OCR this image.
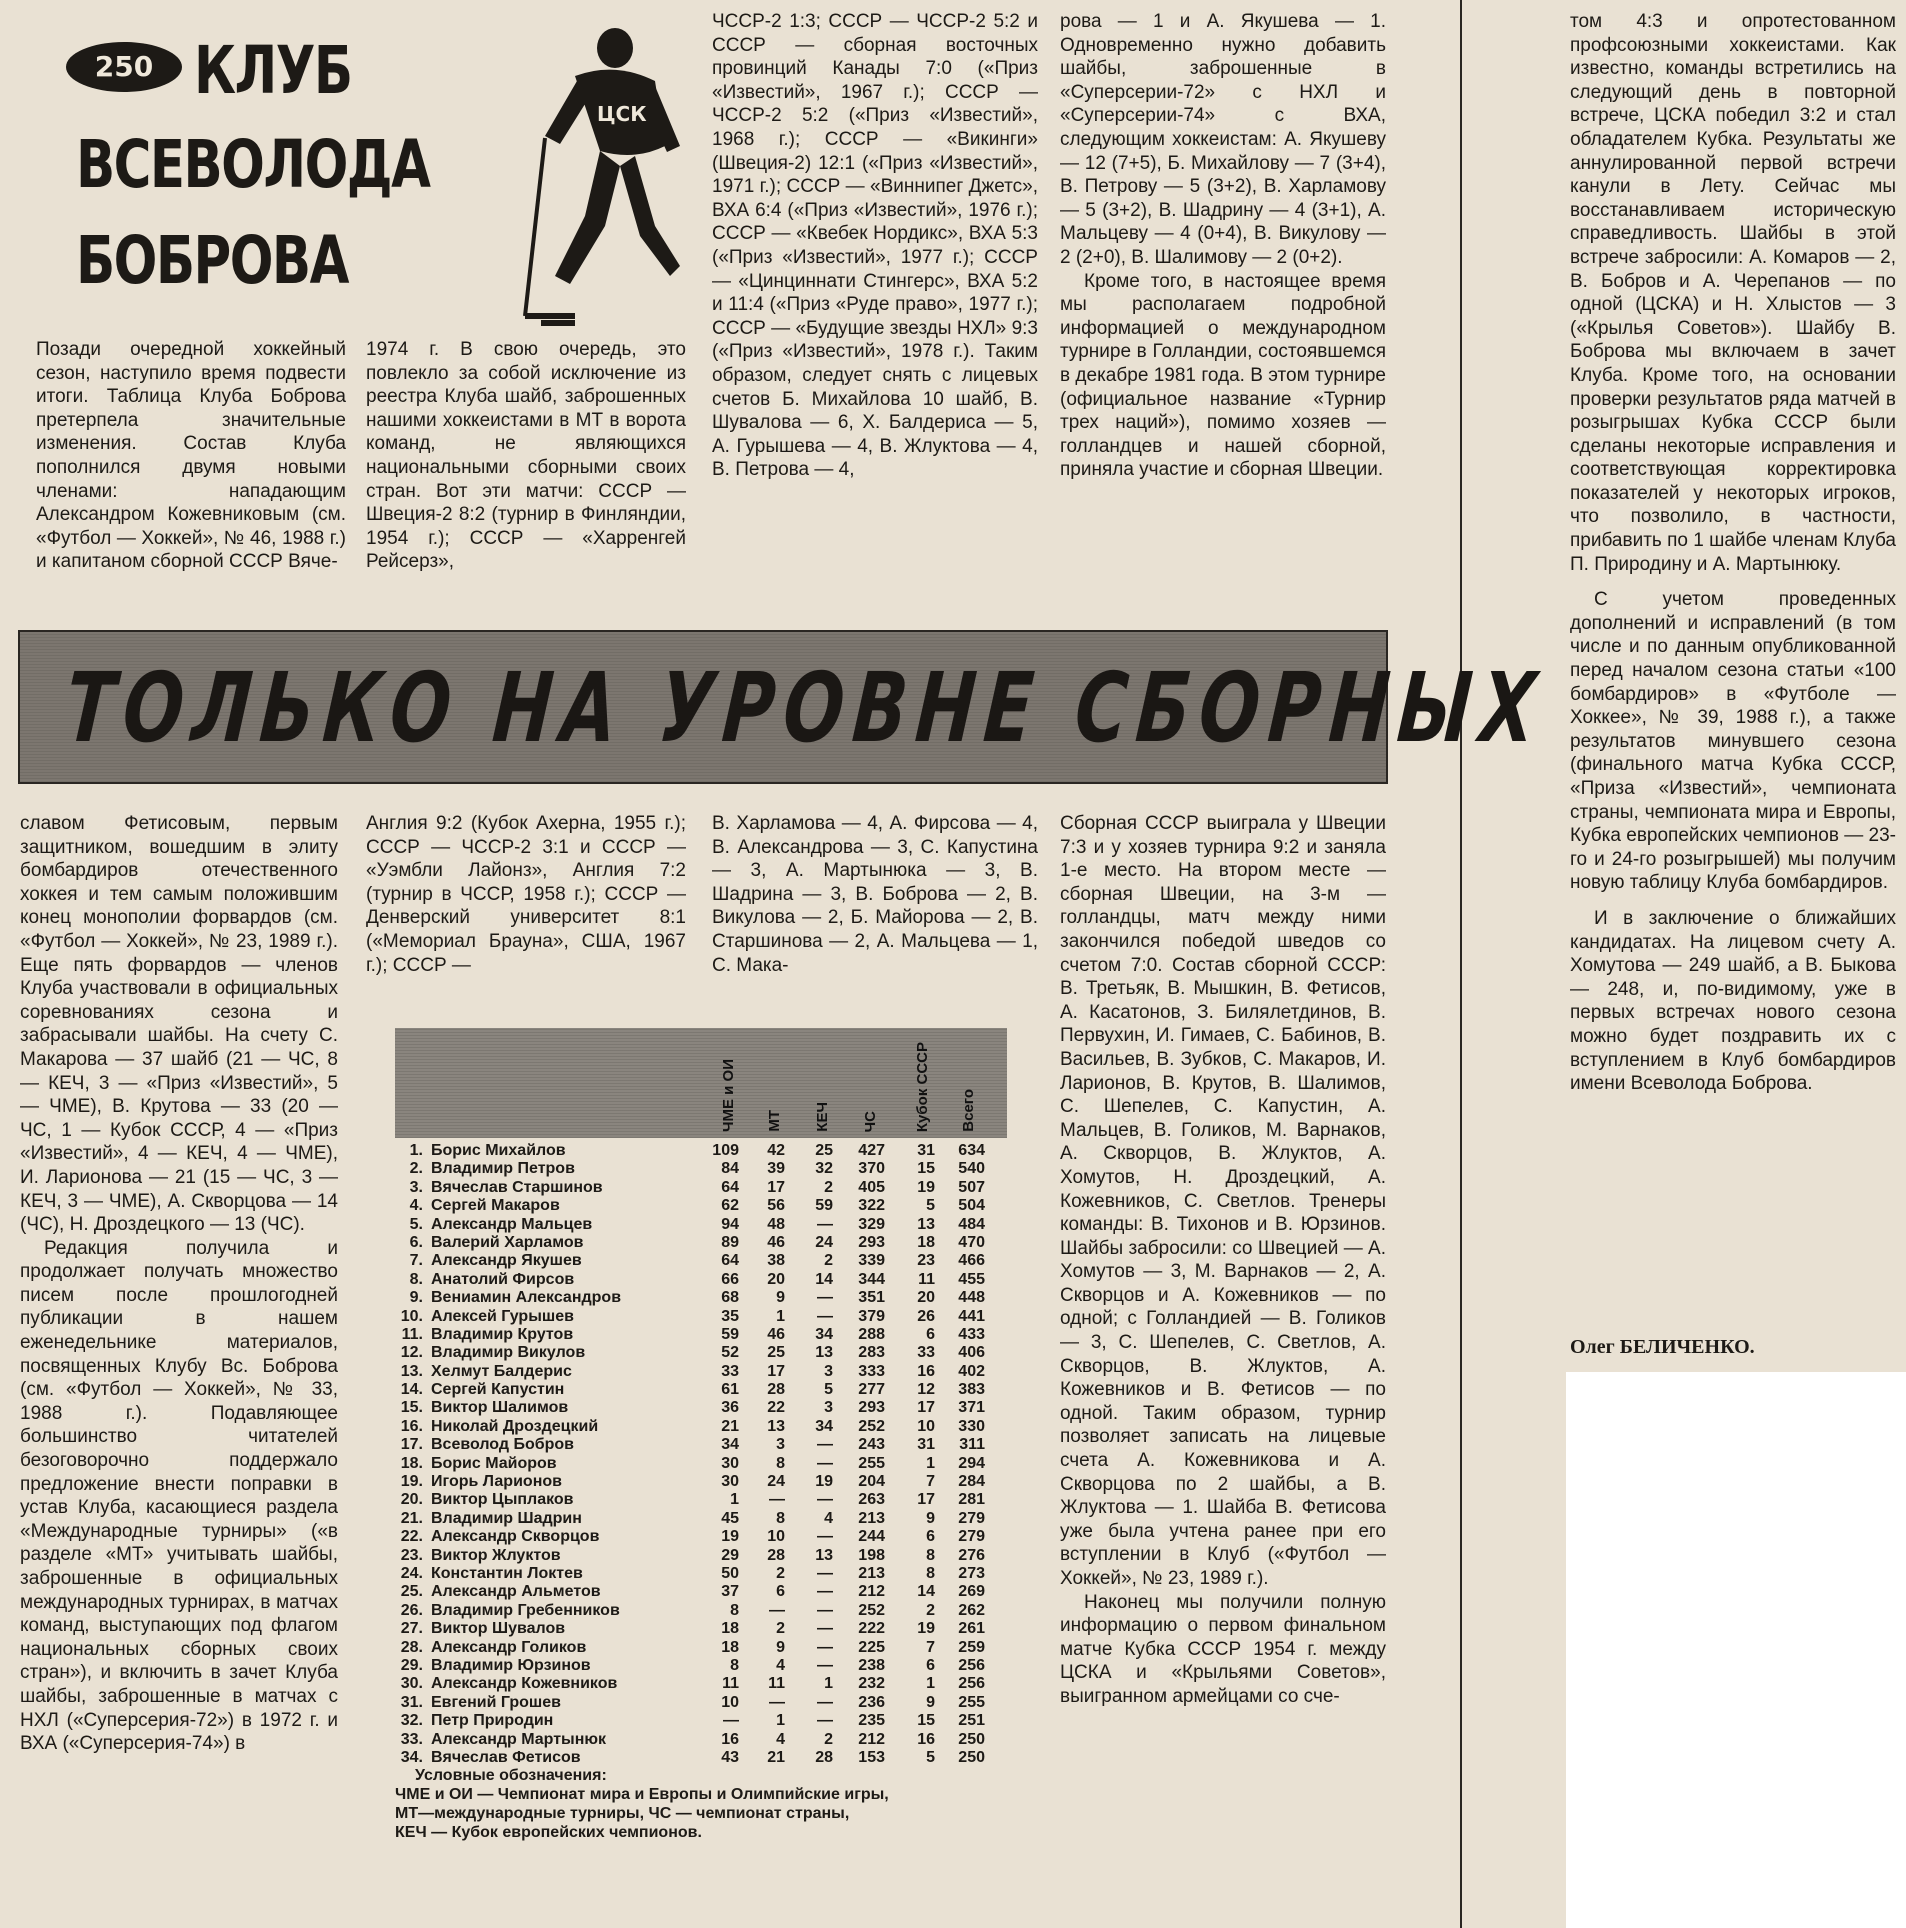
250 КЛУБ
ВСЕВОЛОДА
БОБРОВА
ЦСК

Позади очередной хоккейный сезон, наступило время подвести итоги. Таблица Клуба Боброва претерпела значительные изменения. Состав Клуба пополнился двумя новыми членами: нападающим Александром Кожевниковым (см. «Футбол — Хоккей», № 46, 1988 г.) и капитаном сборной СССР Вяче-

1974 г. В свою очередь, это повлекло за собой исключение из реестра Клуба шайб, заброшенных нашими хоккеистами в МТ в ворота команд, не являющихся национальными сборными своих стран. Вот эти матчи: СССР — Швеция-2 8:2 (турнир в Финляндии, 1954 г.); СССР — «Харренгей Рейсерз»,

ЧССР-2 1:3; СССР — ЧССР-2 5:2 и СССР — сборная восточных провинций Канады 7:0 («Приз «Известий», 1967 г.); СССР — ЧССР-2 5:2 («Приз «Известий», 1968 г.); СССР — «Викинги» (Швеция-2) 12:1 («Приз «Известий», 1971 г.); СССР — «Виннипег Джетс», ВХА 6:4 («Приз «Известий», 1976 г.); СССР — «Квебек Нордикс», ВХА 5:3 («Приз «Известий», 1977 г.); СССР — «Цинциннати Стингерс», ВХА 5:2 и 11:4 («Приз «Руде право», 1977 г.); СССР — «Будущие звезды НХЛ» 9:3 («Приз «Известий», 1978 г.). Таким образом, следует снять с лицевых счетов Б. Михайлова 10 шайб, В. Шувалова — 6, Х. Балдериса — 5, А. Гурышева — 4, В. Жлуктова — 4, В. Петрова — 4,

рова — 1 и А. Якушева — 1. Одновременно нужно добавить шайбы, заброшенные в «Суперсерии-72» с НХЛ и «Суперсерии-74» с ВХА, следующим хоккеистам: А. Якушеву — 12 (7+5), Б. Михайлову — 7 (3+4), В. Петрову — 5 (3+2), В. Харламову — 5 (3+2), В. Шадрину — 4 (3+1), А. Мальцеву — 4 (0+4), В. Викулову — 2 (2+0), В. Шалимову — 2 (0+2).

Кроме того, в настоящее время мы располагаем подробной информацией о международном турнире в Голландии, состоявшемся в декабре 1981 года. В этом турнире (официальное название «Турнир трех наций»), помимо хозяев — голландцев и нашей сборной, приняла участие и сборная Швеции.

ТОЛЬКО НА УРОВНЕ СБОРНЫХ

том 4:3 и опротестованном профсоюзными хоккеистами. Как известно, команды встретились на следующий день в повторной встрече, ЦСКА победил 3:2 и стал обладателем Кубка. Результаты же аннулированной первой встречи канули в Лету. Сейчас мы восстанавливаем историческую справедливость. Шайбы в этой встрече забросили: А. Комаров — 2, В. Бобров и А. Черепанов — по одной (ЦСКА) и Н. Хлыстов — 3 («Крылья Советов»). Шайбу В. Боброва мы включаем в зачет Клуба. Кроме того, на основании проверки результатов ряда матчей в розыгрышах Кубка СССР были сделаны некоторые исправления и соответствующая корректировка показателей у некоторых игроков, что позволило, в частности, прибавить по 1 шайбе членам Клуба П. Природину и А. Мартынюку.

С учетом проведенных дополнений и исправлений (в том числе и по данным опубликованной перед началом сезона статьи «100 бомбардиров» в «Футболе — Хоккее», № 39, 1988 г.), а также результатов минувшего сезона (финального матча Кубка СССР, «Приза «Известий», чемпионата страны, чемпионата мира и Европы, Кубка европейских чемпионов — 23-го и 24-го розыгрышей) мы получим новую таблицу Клуба бомбардиров.

И в заключение о ближайших кандидатах. На лицевом счету А. Хомутова — 249 шайб, а В. Быкова — 248, и, по-видимому, уже в первых встречах нового сезона можно будет поздравить их с вступлением в Клуб бомбардиров имени Всеволода Боброва.

Олег БЕЛИЧЕНКО.

славом Фетисовым, первым защитником, вошедшим в элиту бомбардиров отечественного хоккея и тем самым положившим конец монополии форвардов (см. «Футбол — Хоккей», № 23, 1989 г.). Еще пять форвардов — членов Клуба участвовали в официальных соревнованиях сезона и забрасывали шайбы. На счету С. Макарова — 37 шайб (21 — ЧС, 8 — КЕЧ, 3 — «Приз «Известий», 5 — ЧМЕ), В. Крутова — 33 (20 — ЧС, 1 — Кубок СССР, 4 — «Приз «Известий», 4 — КЕЧ, 4 — ЧМЕ), И. Ларионова — 21 (15 — ЧС, 3 — КЕЧ, 3 — ЧМЕ), А. Скворцова — 14 (ЧС), Н. Дроздецкого — 13 (ЧС).

Редакция получила и продолжает получать множество писем после прошлогодней публикации в нашем еженедельнике материалов, посвященных Клубу Вс. Боброва (см. «Футбол — Хоккей», № 33, 1988 г.). Подавляющее большинство читателей безоговорочно поддержало предложение внести поправки в устав Клуба, касающиеся раздела «Международные турниры» («в разделе «МТ» учитывать шайбы, заброшенные в официальных международных турнирах, в матчах команд, выступающих под флагом национальных сборных своих стран»), и включить в зачет Клуба шайбы, заброшенные в матчах с НХЛ («Суперсерия-72») в 1972 г. и ВХА («Суперсерия-74») в

Англия 9:2 (Кубок Ахерна, 1955 г.); СССР — ЧССР-2 3:1 и СССР — «Уэмбли Лайонз», Англия 7:2 (турнир в ЧССР, 1958 г.); СССР — Денверский университет 8:1 («Мемориал Брауна», США, 1967 г.); СССР —

В. Харламова — 4, А. Фирсова — 4, В. Александрова — 3, С. Капустина — 3, А. Мартынюка — 3, В. Шадрина — 3, В. Боброва — 2, В. Викулова — 2, Б. Майорова — 2, В. Старшинова — 2, А. Мальцева — 1, С. Мака-

Сборная СССР выиграла у Швеции 7:3 и у хозяев турнира 9:2 и заняла 1-е место. На втором месте — сборная Швеции, на 3-м — голландцы, матч между ними закончился победой шведов со счетом 7:0. Состав сборной СССР: В. Третьяк, В. Мышкин, В. Фетисов, А. Касатонов, З. Билялетдинов, В. Первухин, И. Гимаев, С. Бабинов, В. Васильев, В. Зубков, С. Макаров, И. Ларионов, В. Крутов, В. Шалимов, С. Шепелев, С. Капустин, А. Мальцев, В. Голиков, М. Варнаков, А. Скворцов, В. Жлуктов, А. Хомутов, Н. Дроздецкий, А. Кожевников, С. Светлов. Тренеры команды: В. Тихонов и В. Юрзинов. Шайбы забросили: со Швецией — А. Хомутов — 3, М. Варнаков — 2, А. Скворцов и А. Кожевников — по одной; с Голландией — В. Голиков — 3, С. Шепелев, С. Светлов, А. Скворцов, В. Жлуктов, А. Кожевников и В. Фетисов — по одной. Таким образом, турнир позволяет записать на лицевые счета А. Кожевникова и А. Скворцова по 2 шайбы, а В. Жлуктова — 1. Шайба В. Фетисова уже была учтена ранее при его вступлении в Клуб («Футбол — Хоккей», № 23, 1989 г.).

Наконец мы получили полную информацию о первом финальном матче Кубка СССР 1954 г. между ЦСКА и «Крыльями Советов», выигранном армейцами со сче-

ЧМЕ и ОИ	МТ	КЕЧ	ЧС	Кубок СССР	Всего
1. Борис Михайлов	109	42	25	427	31	634
2. Владимир Петров	84	39	32	370	15	540
3. Вячеслав Старшинов	64	17	2	405	19	507
4. Сергей Макаров	62	56	59	322	5	504
5. Александр Мальцев	94	48	—	329	13	484
6. Валерий Харламов	89	46	24	293	18	470
7. Александр Якушев	64	38	2	339	23	466
8. Анатолий Фирсов	66	20	14	344	11	455
9. Вениамин Александров	68	9	—	351	20	448
10. Алексей Гурышев	35	1	—	379	26	441
11. Владимир Крутов	59	46	34	288	6	433
12. Владимир Викулов	52	25	13	283	33	406
13. Хелмут Балдерис	33	17	3	333	16	402
14. Сергей Капустин	61	28	5	277	12	383
15. Виктор Шалимов	36	22	3	293	17	371
16. Николай Дроздецкий	21	13	34	252	10	330
17. Всеволод Бобров	34	3	—	243	31	311
18. Борис Майоров	30	8	—	255	1	294
19. Игорь Ларионов	30	24	19	204	7	284
20. Виктор Цыплаков	1	—	—	263	17	281
21. Владимир Шадрин	45	8	4	213	9	279
22. Александр Скворцов	19	10	—	244	6	279
23. Виктор Жлуктов	29	28	13	198	8	276
24. Константин Локтев	50	2	—	213	8	273
25. Александр Альметов	37	6	—	212	14	269
26. Владимир Гребенников	8	—	—	252	2	262
27. Виктор Шувалов	18	2	—	222	19	261
28. Александр Голиков	18	9	—	225	7	259
29. Владимир Юрзинов	8	4	—	238	6	256
30. Александр Кожевников	11	11	1	232	1	256
31. Евгений Грошев	10	—	—	236	9	255
32. Петр Природин	—	1	—	235	15	251
33. Александр Мартынюк	16	4	2	212	16	250
34. Вячеслав Фетисов	43	21	28	153	5	250

Условные обозначения:

ЧМЕ и ОИ — Чемпионат мира и Европы и Олимпийские игры,

МТ—международные турниры, ЧС — чемпионат страны,

КЕЧ — Кубок европейских чемпионов.
